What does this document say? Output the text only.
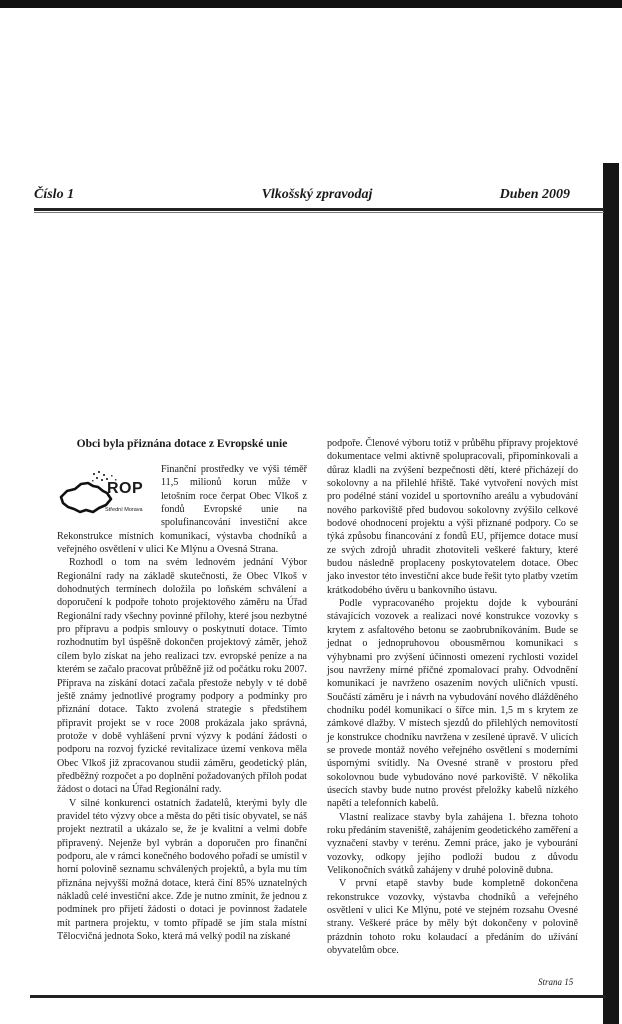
Číslo 1	Vlkošský zpravodaj	Duben 2009
Obci byla přiznána dotace z Evropské unie
ROP
Střední Morava

Finanční prostředky ve výši téměř 11,5 milionů korun může v letošním roce čerpat Obec Vlkoš z fondů Evropské unie na spolufinancování investiční akce Rekonstrukce místních komunikací, výstavba chodníků a veřejného osvětlení v ulici Ke Mlýnu a Ovesná Strana.

Rozhodl o tom na svém lednovém jednání Výbor Regionální rady na základě skutečnosti, že Obec Vlkoš v dohodnutých termínech doložila po loňském schválení a doporučení k podpoře tohoto projektového záměru na Úřad Regionální rady všechny povinné přílohy, které jsou nezbytné pro přípravu a podpis smlouvy o poskytnutí dotace. Tímto rozhodnutím byl úspěšně dokončen projektový záměr, jehož cílem bylo získat na jeho realizaci tzv. evropské peníze a na kterém se začalo pracovat průběžně již od počátku roku 2007. Příprava na získání dotací začala přestože nebyly v té době ještě známy jednotlivé programy podpory a podmínky pro přiznání dotace. Takto zvolená strategie s předstihem připravit projekt se v roce 2008 prokázala jako správná, protože v době vyhlášení první výzvy k podání žádosti o podporu na rozvoj fyzické revitalizace území venkova měla Obec Vlkoš již zpracovanou studii záměru, geodetický plán, předběžný rozpočet a po doplnění požadovaných příloh podat žádost o dotaci na Úřad Regionální rady.

V silné konkurenci ostatních žadatelů, kterými byly dle pravidel této výzvy obce a města do pěti tisíc obyvatel, se náš projekt neztratil a ukázalo se, že je kvalitní a velmi dobře připravený. Nejenže byl vybrán a doporučen pro finanční podporu, ale v rámci konečného bodového pořadí se umístil v horní polovině seznamu schválených projektů, a byla mu tím přiznána nejvyšší možná dotace, která činí 85% uznatelných nákladů celé investiční akce. Zde je nutno zmínit, že jednou z podmínek pro přijetí žádosti o dotaci je povinnost žadatele mít partnera projektu, v tomto případě se jím stala místní Tělocvičná jednota Soko, která má velký podíl na získané

podpoře. Členové výboru totiž v průběhu přípravy projektové dokumentace velmi aktivně spolupracovali, připomínkovali a důraz kladli na zvýšení bezpečnosti dětí, které přicházejí do sokolovny a na přilehlé hřiště. Také vytvoření nových míst pro podélné stání vozidel u sportovního areálu a vybudování nového parkoviště před budovou sokolovny zvýšilo celkové bodové ohodnocení projektu a výši přiznané podpory. Co se týká způsobu financování z fondů EU, příjemce dotace musí ze svých zdrojů uhradit zhotoviteli veškeré faktury, které budou následně proplaceny poskytovatelem dotace. Obec jako investor této investiční akce bude řešit tyto platby vzetím krátkodobého úvěru u bankovního ústavu.

Podle vypracovaného projektu dojde k vybourání stávajících vozovek a realizaci nové konstrukce vozovky s krytem z asfaltového betonu se zaobrubníkováním. Bude se jednat o jednopruhovou obousměrnou komunikaci s výhybnami pro zvýšení účinnosti omezení rychlosti vozidel jsou navrženy mírné příčné zpomalovací prahy. Odvodnění komunikací je navrženo osazením nových uličních vpustí. Součástí záměru je i návrh na vybudování nového dlážděného chodníku podél komunikací o šířce min. 1,5 m s krytem ze zámkové dlažby. V místech sjezdů do přilehlých nemovitostí je konstrukce chodníku navržena v zesílené úpravě. V ulicích se provede montáž nového veřejného osvětlení s moderními úspornými svítidly. Na Ovesné straně v prostoru před sokolovnou bude vybudováno nové parkoviště. V několika úsecích stavby bude nutno provést přeložky kabelů nízkého napětí a telefonních kabelů.

Vlastní realizace stavby byla zahájena 1. března tohoto roku předáním staveniště, zahájením geodetického zaměření a vyznačení stavby v terénu. Zemní práce, jako je vybourání vozovky, odkopy jejího podloží budou z důvodu Velikonočních svátků zahájeny v druhé polovině dubna.

V první etapě stavby bude kompletně dokončena rekonstrukce vozovky, výstavba chodníků a veřejného osvětlení v ulici Ke Mlýnu, poté ve stejném rozsahu Ovesné strany. Veškeré práce by měly být dokončeny v polovině prázdnin tohoto roku kolaudací a předáním do užívání obyvatelům obce.

Strana 15
